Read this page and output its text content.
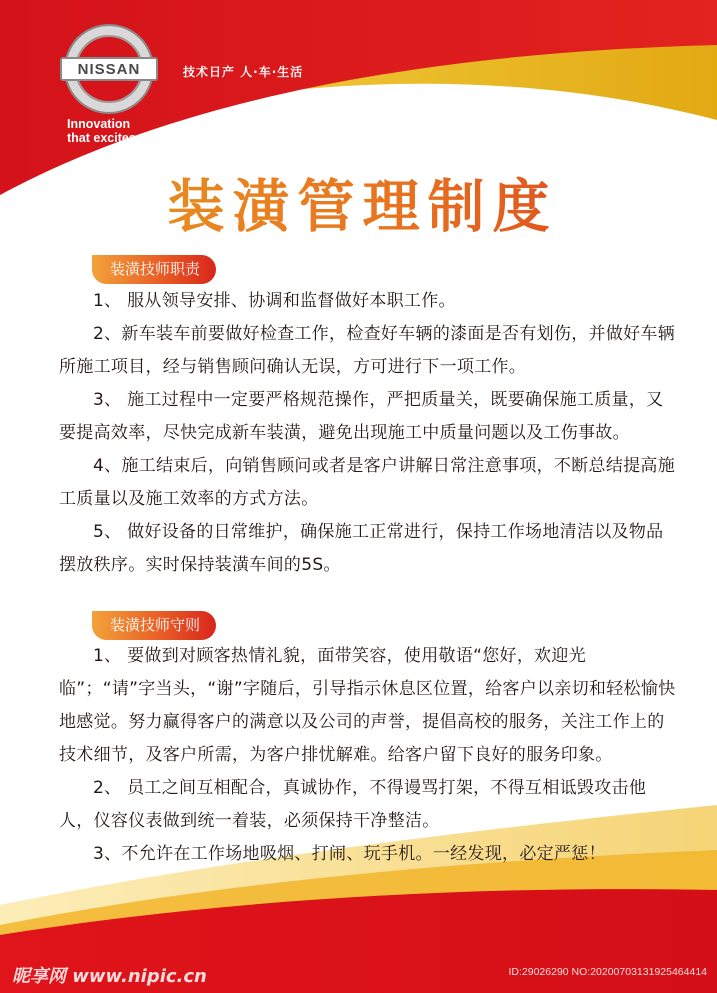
NISSAN	技术日产 人·车·生活
Innovation
that excites
装潢管理制度
装潢技师职责

1、 服从领导安排、协调和监督做好本职工作。

2、新车装车前要做好检查工作，检查好车辆的漆面是否有划伤，并做好车辆所施工项目，经与销售顾问确认无误，方可进行下一项工作。

3、 施工过程中一定要严格规范操作，严把质量关，既要确保施工质量，又要提高效率，尽快完成新车装潢，避免出现施工中质量问题以及工伤事故。

4、施工结束后，向销售顾问或者是客户讲解日常注意事项，不断总结提高施工质量以及施工效率的方式方法。

5、 做好设备的日常维护，确保施工正常进行，保持工作场地清洁以及物品摆放秩序。实时保持装潢车间的5S。

装潢技师守则

1、 要做到对顾客热情礼貌，面带笑容，使用敬语“您好，欢迎光临”；“请”字当头，“谢”字随后，引导指示休息区位置，给客户以亲切和轻松愉快地感觉。努力赢得客户的满意以及公司的声誉，提倡高校的服务，关注工作上的技术细节，及客户所需，为客户排忧解难。给客户留下良好的服务印象。

2、 员工之间互相配合，真诚协作，不得谩骂打架，不得互相诋毁攻击他人，仪容仪表做到统一着装，必须保持干净整洁。

3、不允许在工作场地吸烟、打闹、玩手机。一经发现，必定严惩！

昵享网 www.nipic.cn	ID:29026290 NO:20200703131925464414
